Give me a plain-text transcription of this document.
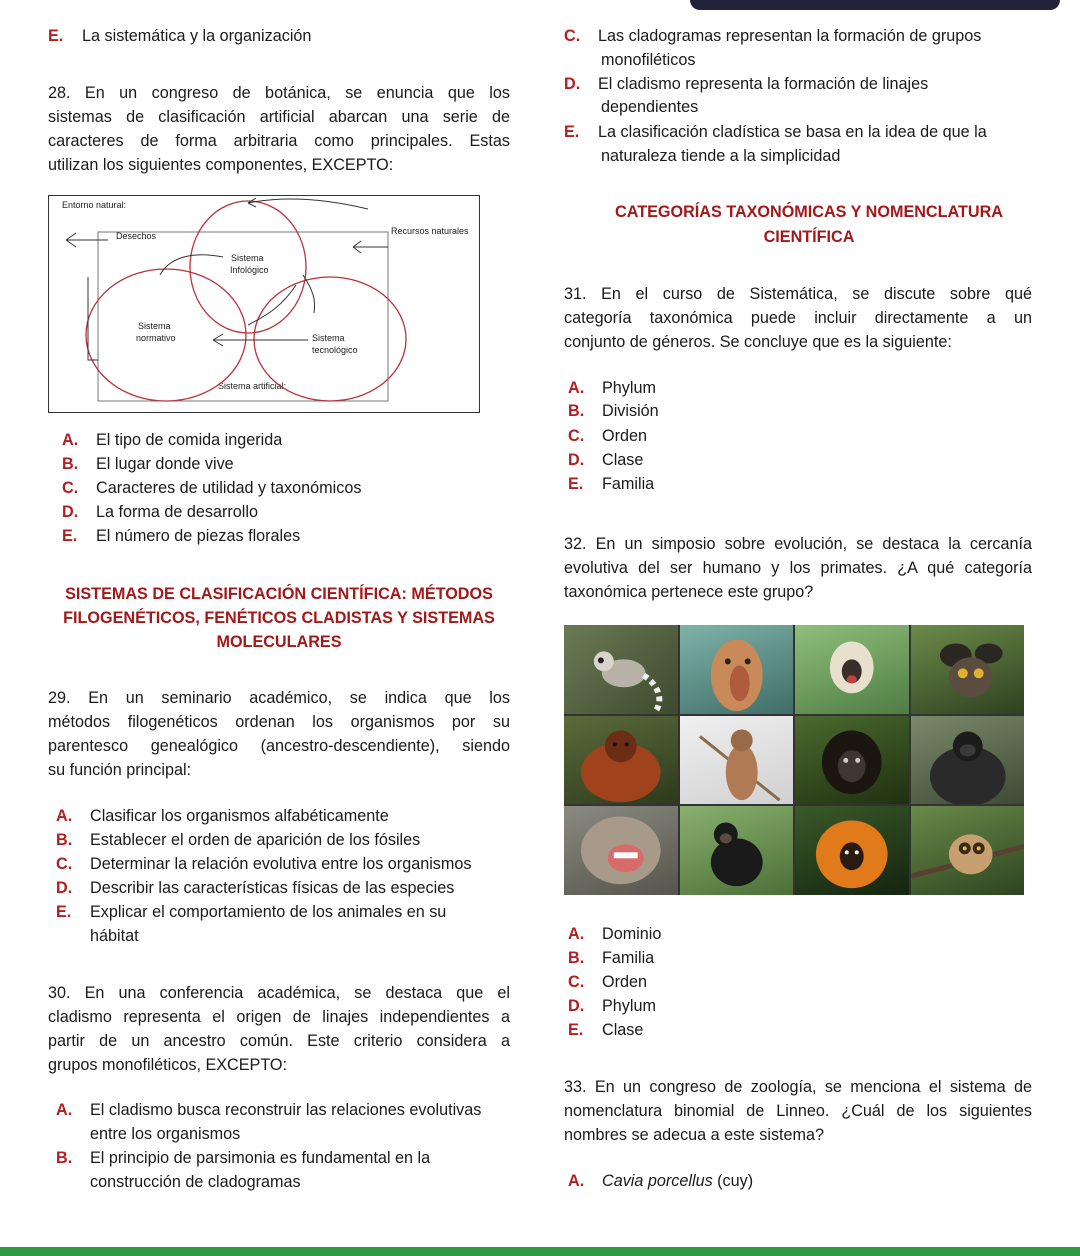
E. La sistemática y la organización
28. En un congreso de botánica, se enuncia que los
sistemas de clasificación artificial abarcan una serie de
caracteres de forma arbitraria como principales. Estas
utilizan los siguientes componentes, EXCEPTO:
Entorno natural:
Desechos	Recursos naturales
Sistema
Infológico
Sistema
normativo	Sistema
tecnológico
Sistema artificial:
A. El tipo de comida ingerida
B. El lugar donde vive
C. Caracteres de utilidad y taxonómicos
D. La forma de desarrollo
E. El número de piezas florales
SISTEMAS DE CLASIFICACIÓN CIENTÍFICA: MÉTODOS
FILOGENÉTICOS, FENÉTICOS CLADISTAS Y SISTEMAS
MOLECULARES
29. En un seminario académico, se indica que los
métodos filogenéticos ordenan los organismos por su
parentesco genealógico (ancestro-descendiente), siendo
su función principal:
A. Clasificar los organismos alfabéticamente
B. Establecer el orden de aparición de los fósiles
C. Determinar la relación evolutiva entre los organismos
D. Describir las características físicas de las especies
E. Explicar el comportamiento de los animales en su
hábitat
30. En una conferencia académica, se destaca que el
cladismo representa el origen de linajes independientes a
partir de un ancestro común. Este criterio considera a
grupos monofiléticos, EXCEPTO:
A. El cladismo busca reconstruir las relaciones evolutivas
entre los organismos
B. El principio de parsimonia es fundamental en la
construcción de cladogramas
C. Las cladogramas representan la formación de grupos
monofiléticos
D. El cladismo representa la formación de linajes
dependientes
E. La clasificación cladística se basa en la idea de que la
naturaleza tiende a la simplicidad
CATEGORÍAS TAXONÓMICAS Y NOMENCLATURA
CIENTÍFICA
31. En el curso de Sistemática, se discute sobre qué
categoría taxonómica puede incluir directamente a un
conjunto de géneros. Se concluye que es la siguiente:
A. Phylum
B. División
C. Orden
D. Clase
E. Familia
32. En un simposio sobre evolución, se destaca la cercanía
evolutiva del ser humano y los primates. ¿A qué categoría
taxonómica pertenece este grupo?
A. Dominio
B. Familia
C. Orden
D. Phylum
E. Clase
33. En un congreso de zoología, se menciona el sistema de
nomenclatura binomial de Linneo. ¿Cuál de los siguientes
nombres se adecua a este sistema?
A. Cavia porcellus (cuy)
